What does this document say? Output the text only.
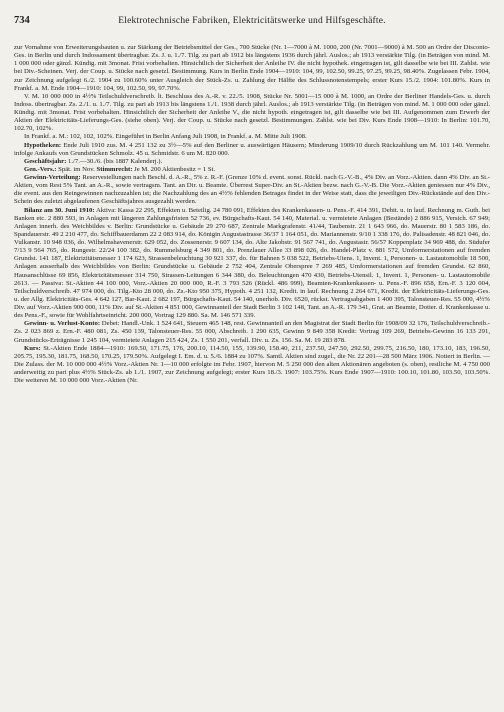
734	Elektrotechnische Fabriken, Elektricitätswerke und Hilfsgeschäfte.

zur Vornahme von Erweiterungsbauten u. zur Stärkung der Betriebsmittel der Ges., 700 Stücke (Nr. 1—7000 à M. 1000, 200 (Nr. 7001—9000) à M. 500 an Ordre der Disconto-Ges. in Berlin und durch Indossament übertragbar. Zs. J. u. 1./7. Tilg. zu pari ab 1912 bis längstens 1936 durch jährl. Auslos.; ab 1913 verstärkte Tilg. (in Beträgen von mind. M. 1 000 000 oder gänzl. Kündig. mit 3monat. Frist vorbehalten. Hinsichtlich der Sicherheit der Anleihe IV. die nicht hypothek. eingetragen ist, gilt dasselbe wie bei III. Zahlst. wie bei Div.-Scheinen. Verj. der Coup. u. Stücke nach gesetzl. Bestimmung. Kurs in Berlin Ende 1904—1910: 104, 99, 102.50, 99.25, 97.25, 99.25, 98.40%. Zugelassen Febr. 1904, zur Zeichnung aufgelegt 6./2. 1904 zu 100.60% unter Ausgleich der Stück-Zs. u. Zahlung der Hälfte des Schlussnotenstempels; erster Kurs 15./2. 1904: 101.80%. Kurs in Frankf. a. M. Ende 1904—1910: 104, 99, 102.50, 99, 97.70%.

V. M. 10 000 000 in 4½% Teilschuldverschreib. lt. Beschluss des A.-R. v. 22./5. 1908, Stücke Nr. 5001—15 000 à M. 1000, an Ordre der Berliner Handels-Ges. u. durch Indoss. übertragbar. Zs. 2./1. u. 1./7. Tilg. zu pari ab 1913 bis längstens 1./1. 1938 durch jährl. Auslos.; ab 1913 verstärkte Tilg. (in Beträgen von mind. M. 1 000 000 oder gänzl. Kündig. mit 3monat. Frist vorbehalten. Hinsichtlich der Sicherheit der Anleihe V., die nicht hypoth. eingetragen ist, gilt dasselbe wie bei III. Aufgenommen zum Erwerb der Aktien der Elektricitäts-Lieferungs-Ges. (siehe oben). Verj. der Coup. u. Stücke nach gesetzl. Bestimmungen. Zahlst. wie bei Div. Kurs Ende 1908—1910: In Berlin: 101.70, 102.70, 102%.

In Frankf. a. M.: 102, 102, 102%. Eingeführt in Berlin Anfang Juli 1908, in Frankf. a. M. Mitte Juli 1908.

Hypotheken: Ende Juli 1910 zus. M. 4 251 132 zu 3½—5% auf den Berliner u. auswärtigen Häusern; Minderung 1909/10 durch Rückzahlung um M. 101 140. Vermehr. infolge Ankaufs von Grundstücken Schmolz. 45 u. Schmidstr. 6 um M. 820 000.

Geschäftsjahr: 1./7.—30./6. (bis 1887 Kalenderj.).

Gen.-Vers.: Spät. im Nov. Stimmrecht: Je M. 200 Aktienbesitz = 1 St.

Gewinn-Verteilung: Reservestellungen nach Beschl. d. A.-R., 5% z. R.-F. (Grenze 10% d. event. sonst. Rückl. nach G.-V.-B., 4% Div. an Vorz.-Aktien. dann 4% Div. an St.-Aktien, vom Rest 5% Tant. an A.-R., sowie vertragsm. Tant. an Dir. u. Beamte. Überrest Super-Div. an St.-Aktien bezw. nach G.-V.-B. Die Vorz.-Aktien geniessen nur 4% Div., die event. aus den Reingewinnen nachzuzahlen ist; die Nachzahlung des an 4½% fehlenden Betrages findet in der Weise statt, dass die jeweiligen Div.-Rückstände auf den Div.-Schein des zuletzt abgelaufenen Geschäftsjahres ausgezahlt werden.

Bilanz am 30. Juni 1910: Aktiva: Kassa 22 295, Effekten u. Beteilig. 24 780 091, Effekten des Krankenkassen- u. Pens.-F. 414 391, Debit. u. in lauf. Rechnung m. Guth. bei Banken etc. 2 880 593, in Anlagen mit längeren Zahlungsfristen 52 736, ev. Bürgschafts-Kaut. 54 140, Material. u. vermietete Anlagen (Bestände) 2 886 915, Versich. 67 949; Anlagen innerh. des Weichbildes v. Berlin: Grundstücke u. Gebäude 29 270 687, Zentrale Markgrafenstr. 41/44, Taubenstr. 21 1 643 966, do. Mauerstr. 80 1 583 186, do. Spandauerstr. 49 2 210 477, do. Schiffbauerdamm 22 2 083 914, do. Königin Augustastrasse 36/37 1 164 051, do. Mariannenstr. 9/10 1 338 176, do. Palisadenstr. 48 821 046, do. Vulkanstr. 10 948 036, do. Wilhelmshavenerstr. 629 052, do. Zossenerstr. 9 607 134, do. Alte Jakobstr. 91 567 741, do. Augustastr. 56/57 Koppenplatz 34 969 488, do. Südufer 7/13 9 564 765, do. Rungestr. 22/24 100 382, do. Rummelsburg 4 349 801, do. Prenzlauer Allee 33 898 026, do. Handel-Platz v. 881 572, Umformerstationen auf fremden Grundst. 141 187, Elektrizitätsmesser 1 174 623, Strassenbeleuchtung 30 921 337, do. für Bahnen 5 038 522, Betriebs-Utens. 1, Invent. 1, Personen- u. Lastautomobile 18 500, Anlagen ausserhalb des Weichbildes von Berlin: Grundstücke u. Gebäude 2 752 404, Zentrale Oberspree 7 269 485, Umformerstationen auf fremden Grundst. 62 860, Hausanschlüsse 69 856, Elektrizitätsmesser 314 750, Strassen-Leitungen 6 344 380, do. Beleuchtungen 470 430, Betriebs-Utensil. 1, Invent. 1, Personen- u. Lastautomobile 2613. — Passiva: St.-Aktien 44 100 000, Vorz.-Aktien 20 000 000, R.-F. 3 793 526 (Rückl. 486 999), Beamten-Krankenkassen- u. Pens.-F. 896 658, Ern.-F. 3 120 004, Teilschuldverschreib. 47 974 000, do. Tilg.-Kto 28 000, do. Zs.-Kto 950 375, Hypoth. 4 251 132, Kredit. in lauf. Rechnung 2 264 671, Kredit. der Elektricitäts-Lieferungs-Ges. u. der Allg. Elektricitäts-Ges. 4 642 127, Bar-Kaut. 2 682 197, Bürgschafts-Kaut. 54 140, unerhob. Div. 6520, rückst. Vertragsabgaben 1 400 395, Talonsteuer-Res. 55 000, 4½% Div. auf Vorz.-Aktien 900 000, 11% Div. auf St.-Aktien 4 851 000, Gewinnanteil der Stadt Berlin 3 102 148, Tant. an A.-R. 179 341, Grat. an Beamte, Dotier. d. Krankenkasse u. des Pens.-F., sowie für Wohlfahrtseinricht. 200 000, Vortrag 129 880. Sa. M. 146 571 339.

Gewinn- u. Verlust-Konto: Debet: Handl.-Unk. 1 524 641, Steuern 465 148, rest. Gewinnanteil an den Magistrat der Stadt Berlin für 1908/09 32 176, Teilschuldverschreib.-Zs. 2 023 869 z. Ern.-F. 480 081, Zs. 450 139, Talonsteuer-Res. 55 000, Abschreib. 1 290 635, Gewinn 9 849 358 Kredit: Vortrag 109 269, Betriebs-Gewinn 16 133 291, Grundstücks-Erträgnisse 1 245 104, vermietete Anlagen 215 424, Zs. 1 550 201, verfall. Div. u. Zs. 156. Sa. M. 19 283 878.

Kurs: St.-Aktien Ende 1884—1910: 169.50, 171.75, 176, 200.10, 114.50, 155, 139.90, 158.40, 211, 237.50, 247.50, 292.50, 299.75, 216.50, 180, 173.10, 183, 196.50, 205.75, 195.30, 181.75, 168.50, 170.25, 179.50%. Aufgelegt I. Em. d. u. 5./6. 1884 zu 107%. Samtl. Aktien sind zugel., die Nr. 22 201—28 500 März 1906. Notiert in Berlin. — Die Zulass. der M. 10 000 000 4½% Vorz.-Aktien Nr. 1—10 000 erfolgte im Febr. 1907, hiervon M. 5 250 000 den alten Aktionären angeboten (s. oben), restliche M. 4 750 000 anderweitig zu pari plus 4½% Stück-Zs. ab 1./1. 1907, zur Zeichnung aufgelegt; erster Kurs 18./3. 1907: 103.75%. Kurs Ende 1907—1910: 100.10, 101.80, 103.50, 103.50%. Die weiteren M. 10 000 000 Vorz.-Aktien (Nr.
